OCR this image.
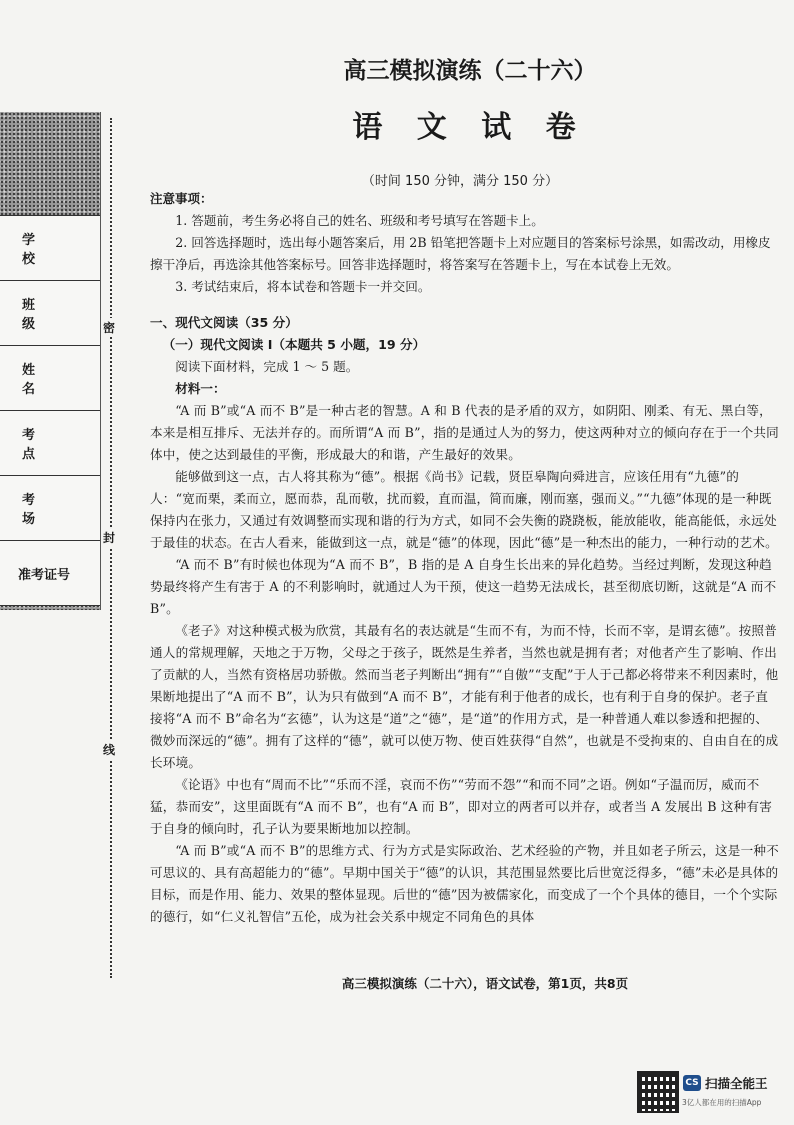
学 校
班 级
姓 名
考 点
考 场
准考证号
密
封
线
高三模拟演练（二十六）
语 文 试 卷
（时间 150 分钟，满分 150 分）

注意事项：

1. 答题前，考生务必将自己的姓名、班级和考号填写在答题卡上。

2. 回答选择题时，选出每小题答案后，用 2B 铅笔把答题卡上对应题目的答案标号涂黑，如需改动，用橡皮擦干净后，再选涂其他答案标号。回答非选择题时，将答案写在答题卡上，写在本试卷上无效。

3. 考试结束后，将本试卷和答题卡一并交回。

一、现代文阅读（35 分）

（一）现代文阅读 I（本题共 5 小题，19 分）

阅读下面材料，完成 1 ～ 5 题。

材料一：

“A 而 B”或“A 而不 B”是一种古老的智慧。A 和 B 代表的是矛盾的双方，如阴阳、刚柔、有无、黑白等，本来是相互排斥、无法并存的。而所谓“A 而 B”，指的是通过人为的努力，使这两种对立的倾向存在于一个共同体中，使之达到最佳的平衡，形成最大的和谐，产生最好的效果。

能够做到这一点，古人将其称为“德”。根据《尚书》记载，贤臣皋陶向舜进言，应该任用有“九德”的人：“宽而栗，柔而立，愿而恭，乱而敬，扰而毅，直而温，简而廉，刚而塞，强而义。”“九德”体现的是一种既保持内在张力，又通过有效调整而实现和谐的行为方式，如同不会失衡的跷跷板，能放能收，能高能低，永远处于最佳的状态。在古人看来，能做到这一点，就是“德”的体现，因此“德”是一种杰出的能力，一种行动的艺术。

“A 而不 B”有时候也体现为“A 而不 B”，B 指的是 A 自身生长出来的异化趋势。当经过判断，发现这种趋势最终将产生有害于 A 的不利影响时，就通过人为干预，使这一趋势无法成长，甚至彻底切断，这就是“A 而不 B”。

《老子》对这种模式极为欣赏，其最有名的表达就是“生而不有，为而不恃，长而不宰，是谓玄德”。按照普通人的常规理解，天地之于万物，父母之于孩子，既然是生养者，当然也就是拥有者；对他者产生了影响、作出了贡献的人，当然有资格居功骄傲。然而当老子判断出“拥有”“自傲”“支配”于人于己都必将带来不利因素时，他果断地提出了“A 而不 B”，认为只有做到“A 而不 B”，才能有利于他者的成长，也有利于自身的保护。老子直接将“A 而不 B”命名为“玄德”，认为这是“道”之“德”，是“道”的作用方式，是一种普通人难以参透和把握的、微妙而深远的“德”。拥有了这样的“德”，就可以使万物、使百姓获得“自然”，也就是不受拘束的、自由自在的成长环境。

《论语》中也有“周而不比”“乐而不淫，哀而不伤”“劳而不怨”“和而不同”之语。例如“子温而厉，威而不猛，恭而安”，这里面既有“A 而不 B”，也有“A 而 B”，即对立的两者可以并存，或者当 A 发展出 B 这种有害于自身的倾向时，孔子认为要果断地加以控制。

“A 而 B”或“A 而不 B”的思维方式、行为方式是实际政治、艺术经验的产物，并且如老子所云，这是一种不可思议的、具有高超能力的“德”。早期中国关于“德”的认识，其范围显然要比后世宽泛得多，“德”未必是具体的目标，而是作用、能力、效果的整体显现。后世的“德”因为被儒家化，而变成了一个个具体的德目，一个个实际的德行，如“仁义礼智信”五伦，成为社会关系中规定不同角色的具体

高三模拟演练（二十六），语文试卷，第1页，共8页
CS 扫描全能王
3亿人都在用的扫描App
